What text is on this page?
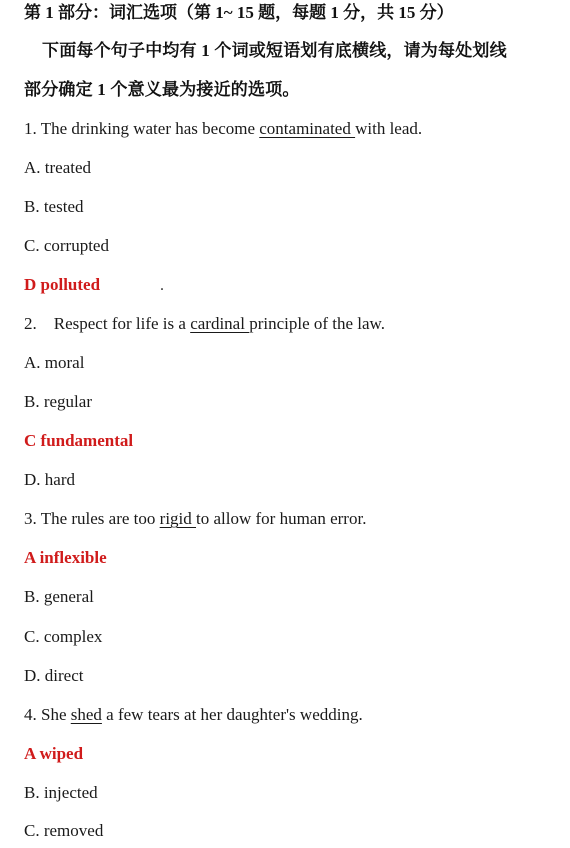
第 1 部分：词汇选项（第 1~ 15 题，每题 1 分，共 15 分）
下面每个句子中均有 1 个词或短语划有底横线，请为每处划线
部分确定 1 个意义最为接近的选项。
1. The drinking water has become contaminated with lead.
A. treated
B. tested
C. corrupted
D polluted	.
2.    Respect for life is a cardinal principle of the law.
A. moral
B. regular
C fundamental
D. hard
3. The rules are too rigid to allow for human error.
A inflexible
B. general
C. complex
D. direct
4. She shed a few tears at her daughter's wedding.
A wiped
B. injected
C. removed
